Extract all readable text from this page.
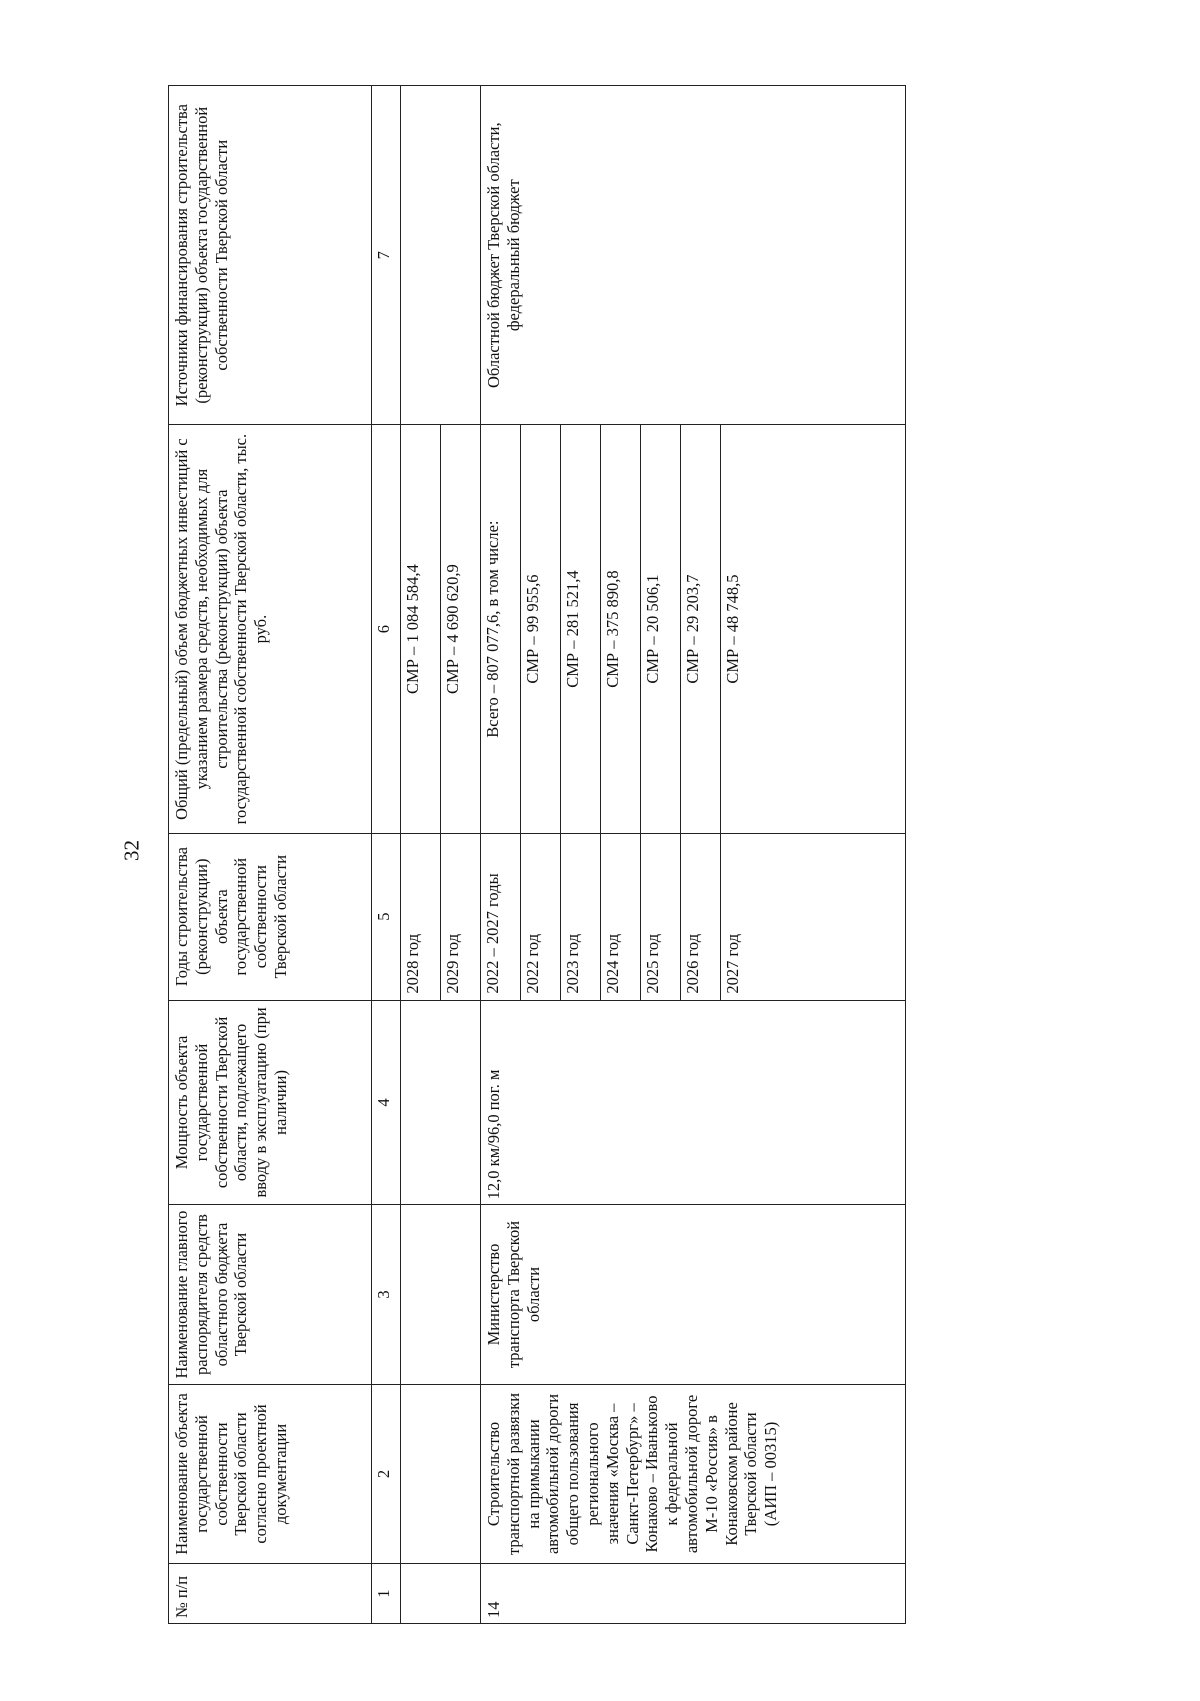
32
№ п/п	Наименование объекта государственной собственности Тверской области согласно проектной документации	Наименование главного распорядителя средств областного бюджета Тверской области	Мощность объекта государственной собственности Тверской области, подлежащего вводу в эксплуатацию (при наличии)	Годы строительства (реконструкции) объекта государственной собственности Тверской области	Общий (предельный) объем бюджетных инвестиций с указанием размера средств, необходимых для строительства (реконструкции) объекта государственной собственности Тверской области, тыс. руб.	Источники финансирования строительства (реконструкции) объекта государственной собственности Тверской области
1	2	3	4	5	6	7
				2028 год	СМР – 1 084 584,4	
				2029 год	СМР – 4 690 620,9	
14	Строительство транспортной развязки на примыкании автомобильной дороги общего пользования регионального значения «Москва – Санкт-Петербург» – Конаково – Иваньково к федеральной автомобильной дороге М-10 «Россия» в Конаковском районе Тверской области (АИП – 00315)	Министерство транспорта Тверской области	12,0 км/96,0 пог. м	2022 – 2027 годы	Всего – 807 077,6, в том числе:	Областной бюджет Тверской области, федеральный бюджет
				2022 год	СМР – 99 955,6	
				2023 год	СМР – 281 521,4	
				2024 год	СМР – 375 890,8	
				2025 год	СМР – 20 506,1	
				2026 год	СМР – 29 203,7	
				2027 год	СМР – 48 748,5	
